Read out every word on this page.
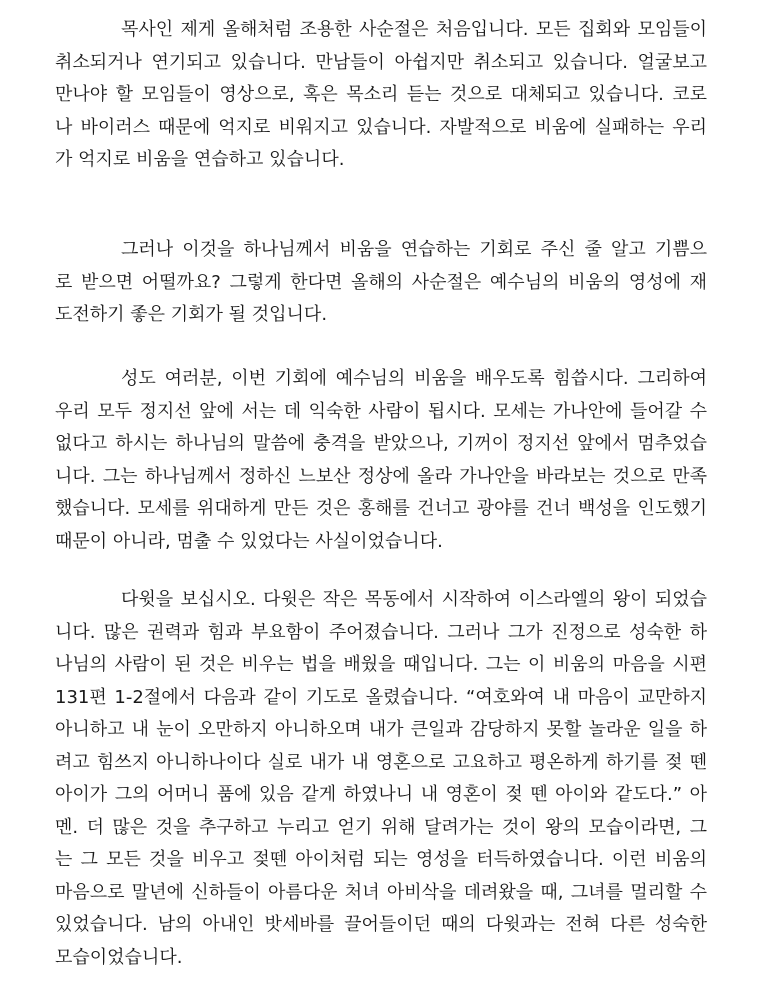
목사인 제게 올해처럼 조용한 사순절은 처음입니다. 모든 집회와 모임들이
취소되거나 연기되고 있습니다. 만남들이 아쉽지만 취소되고 있습니다. 얼굴보고
만나야 할 모임들이 영상으로, 혹은 목소리 듣는 것으로 대체되고 있습니다. 코로
나 바이러스 때문에 억지로 비워지고 있습니다. 자발적으로 비움에 실패하는 우리
가 억지로 비움을 연습하고 있습니다.
그러나 이것을 하나님께서 비움을 연습하는 기회로 주신 줄 알고 기쁨으
로 받으면 어떨까요? 그렇게 한다면 올해의 사순절은 예수님의 비움의 영성에 재
도전하기 좋은 기회가 될 것입니다.
성도 여러분, 이번 기회에 예수님의 비움을 배우도록 힘씁시다. 그리하여
우리 모두 정지선 앞에 서는 데 익숙한 사람이 됩시다. 모세는 가나안에 들어갈 수
없다고 하시는 하나님의 말씀에 충격을 받았으나, 기꺼이 정지선 앞에서 멈추었습
니다. 그는 하나님께서 정하신 느보산 정상에 올라 가나안을 바라보는 것으로 만족
했습니다. 모세를 위대하게 만든 것은 홍해를 건너고 광야를 건너 백성을 인도했기
때문이 아니라, 멈출 수 있었다는 사실이었습니다.
다윗을 보십시오. 다윗은 작은 목동에서 시작하여 이스라엘의 왕이 되었습
니다. 많은 권력과 힘과 부요함이 주어졌습니다. 그러나 그가 진정으로 성숙한 하
나님의 사람이 된 것은 비우는 법을 배웠을 때입니다. 그는 이 비움의 마음을 시편
131편 1-2절에서 다음과 같이 기도로 올렸습니다. “여호와여 내 마음이 교만하지
아니하고 내 눈이 오만하지 아니하오며 내가 큰일과 감당하지 못할 놀라운 일을 하
려고 힘쓰지 아니하나이다 실로 내가 내 영혼으로 고요하고 평온하게 하기를 젖 뗀
아이가 그의 어머니 품에 있음 같게 하였나니 내 영혼이 젖 뗀 아이와 같도다.” 아
멘. 더 많은 것을 추구하고 누리고 얻기 위해 달려가는 것이 왕의 모습이라면, 그
는 그 모든 것을 비우고 젖뗀 아이처럼 되는 영성을 터득하였습니다. 이런 비움의
마음으로 말년에 신하들이 아름다운 처녀 아비삭을 데려왔을 때, 그녀를 멀리할 수
있었습니다. 남의 아내인 밧세바를 끌어들이던 때의 다윗과는 전혀 다른 성숙한
모습이었습니다.
